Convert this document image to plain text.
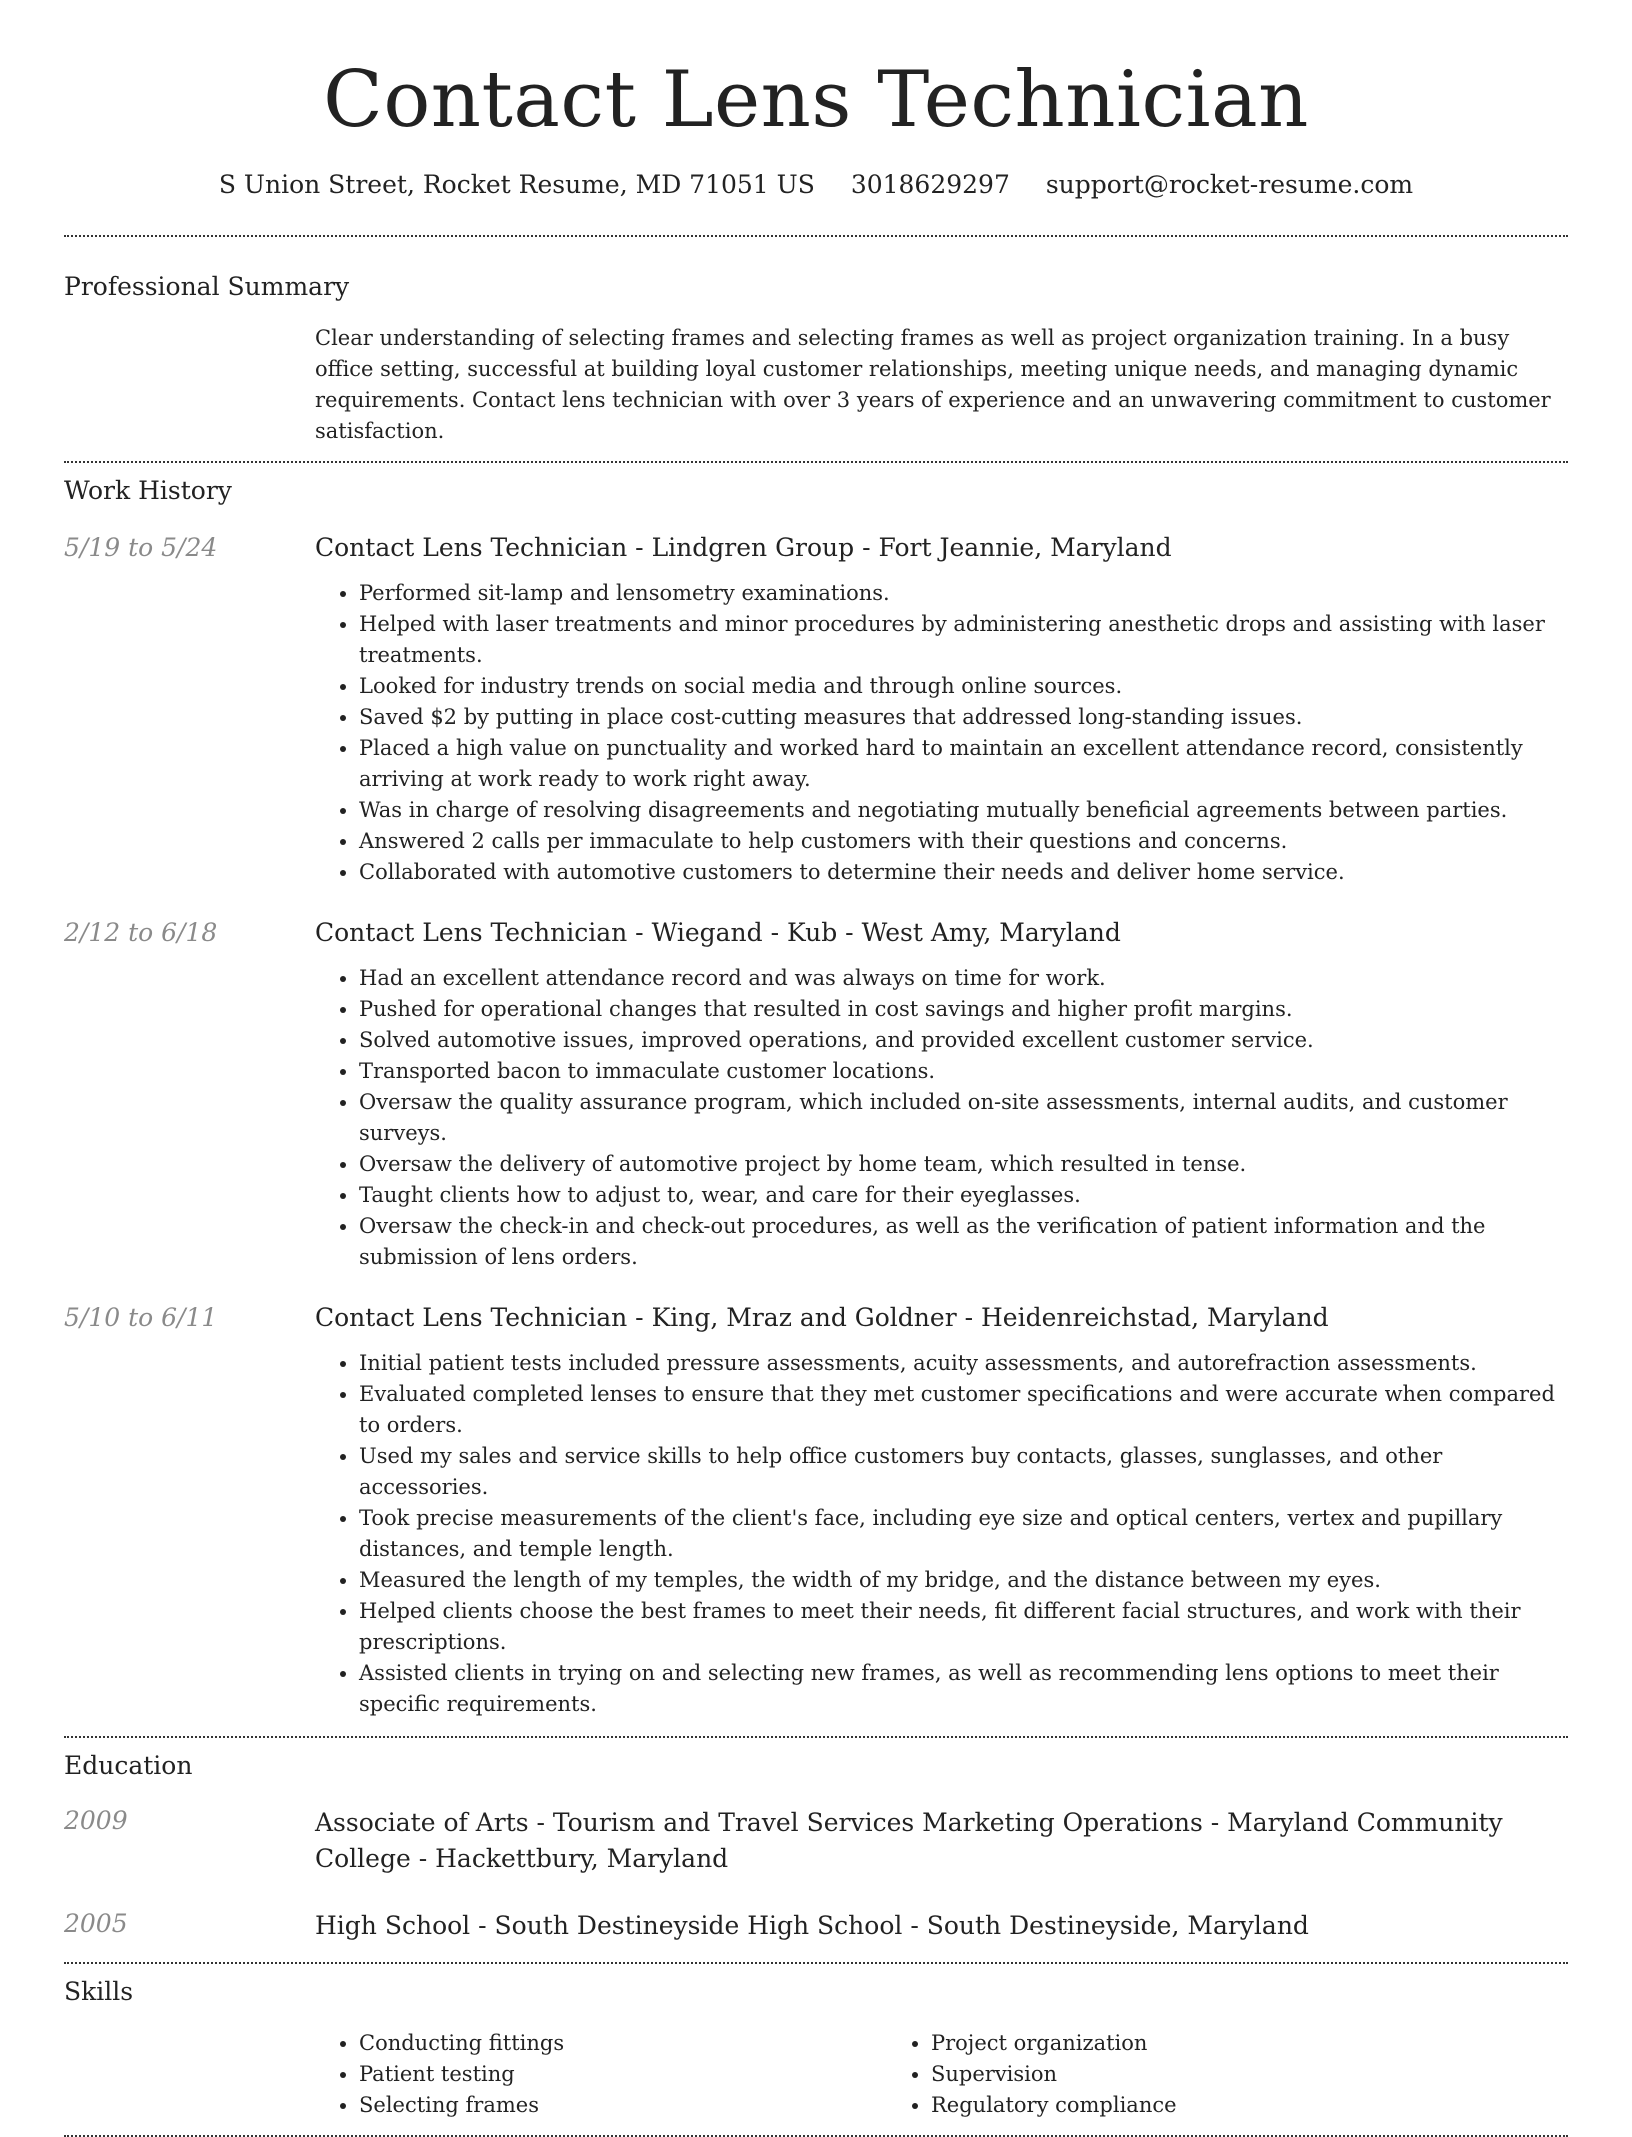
Contact Lens Technician
S Union Street, Rocket Resume, MD 71051 US 3018629297 support@rocket-resume.com
Professional Summary

Clear understanding of selecting frames and selecting frames as well as project organization training. In a busy office setting, successful at building loyal customer relationships, meeting unique needs, and managing dynamic requirements. Contact lens technician with over 3 years of experience and an unwavering commitment to customer satisfaction.

Work History
5/19 to 5/24	Contact Lens Technician - Lindgren Group - Fort Jeannie, Maryland
• Performed sit-lamp and lensometry examinations.
• Helped with laser treatments and minor procedures by administering anesthetic drops and assisting with laser treatments.
• Looked for industry trends on social media and through online sources.
• Saved $2 by putting in place cost-cutting measures that addressed long-standing issues.
• Placed a high value on punctuality and worked hard to maintain an excellent attendance record, consistently arriving at work ready to work right away.
• Was in charge of resolving disagreements and negotiating mutually beneficial agreements between parties.
• Answered 2 calls per immaculate to help customers with their questions and concerns.
• Collaborated with automotive customers to determine their needs and deliver home service.
2/12 to 6/18	Contact Lens Technician - Wiegand - Kub - West Amy, Maryland
• Had an excellent attendance record and was always on time for work.
• Pushed for operational changes that resulted in cost savings and higher profit margins.
• Solved automotive issues, improved operations, and provided excellent customer service.
• Transported bacon to immaculate customer locations.
• Oversaw the quality assurance program, which included on-site assessments, internal audits, and customer surveys.
• Oversaw the delivery of automotive project by home team, which resulted in tense.
• Taught clients how to adjust to, wear, and care for their eyeglasses.
• Oversaw the check-in and check-out procedures, as well as the verification of patient information and the submission of lens orders.
5/10 to 6/11	Contact Lens Technician - King, Mraz and Goldner - Heidenreichstad, Maryland
• Initial patient tests included pressure assessments, acuity assessments, and autorefraction assessments.
• Evaluated completed lenses to ensure that they met customer specifications and were accurate when compared to orders.
• Used my sales and service skills to help office customers buy contacts, glasses, sunglasses, and other accessories.
• Took precise measurements of the client's face, including eye size and optical centers, vertex and pupillary distances, and temple length.
• Measured the length of my temples, the width of my bridge, and the distance between my eyes.
• Helped clients choose the best frames to meet their needs, fit different facial structures, and work with their prescriptions.
• Assisted clients in trying on and selecting new frames, as well as recommending lens options to meet their specific requirements.
Education
2009	Associate of Arts - Tourism and Travel Services Marketing Operations - Maryland Community College - Hackettbury, Maryland
2005	High School - South Destineyside High School - South Destineyside, Maryland
Skills
• Conducting fittings
• Patient testing
• Selecting frames
• Project organization
• Supervision
• Regulatory compliance
